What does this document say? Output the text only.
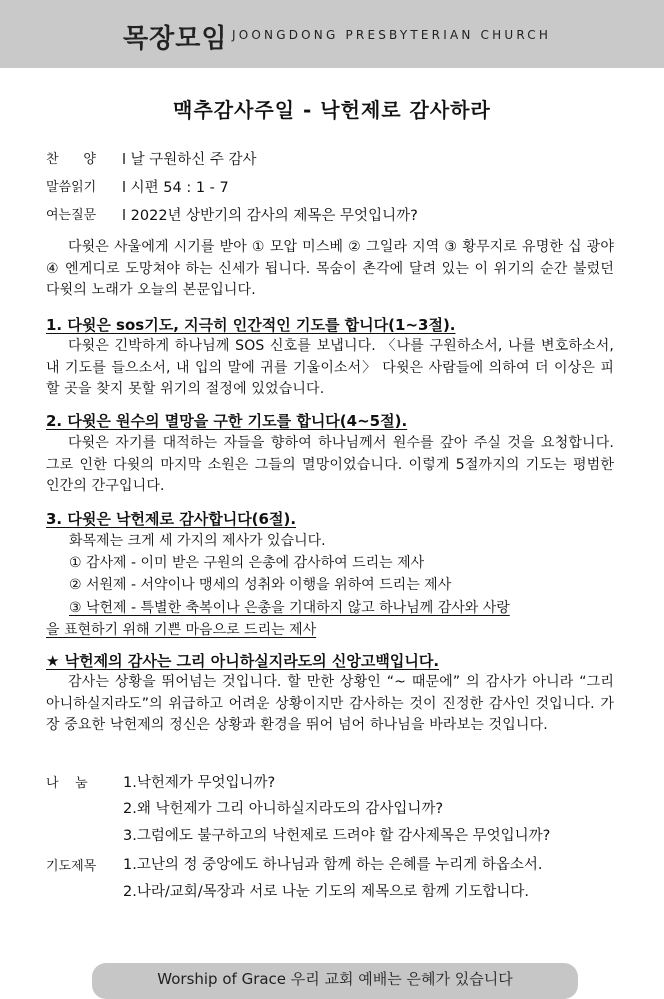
목장모임 JOONGDONG PRESBYTERIAN CHURCH
맥추감사주일 - 낙헌제로 감사하라
찬      양 l 날 구원하신 주 감사
말씀읽기 l 시편 54 : 1 - 7
여는질문 l 2022년 상반기의 감사의 제목은 무엇입니까?
다윗은 사울에게 시기를 받아 ① 모압 미스베 ② 그일라 지역 ③ 황무지로 유명한 십 광야 ④ 엔게디로 도망쳐야 하는 신세가 됩니다. 목숨이 촌각에 달려 있는 이 위기의 순간 불렀던 다윗의 노래가 오늘의 본문입니다.
1. 다윗은 sos기도, 지극히 인간적인 기도를 합니다(1~3절).
다윗은 긴박하게 하나님께 SOS 신호를 보냅니다. 〈나를 구원하소서, 나를 변호하소서, 내 기도를 들으소서, 내 입의 말에 귀를 기울이소서〉 다윗은 사람들에 의하여 더 이상은 피할 곳을 찾지 못할 위기의 절정에 있었습니다.
2. 다윗은 원수의 멸망을 구한 기도를 합니다(4~5절).
다윗은 자기를 대적하는 자들을 향하여 하나님께서 원수를 갚아 주실 것을 요청합니다. 그로 인한 다윗의 마지막 소원은 그들의 멸망이었습니다. 이렇게 5절까지의 기도는 평범한 인간의 간구입니다.
3. 다윗은 낙헌제로 감사합니다(6절).
화목제는 크게 세 가지의 제사가 있습니다.
① 감사제 - 이미 받은 구원의 은총에 감사하여 드리는 제사
② 서원제 - 서약이나 맹세의 성취와 이행을 위하여 드리는 제사
③ 낙헌제 - 특별한 축복이나 은총을 기대하지 않고 하나님께 감사와 사랑
을 표현하기 위해 기쁜 마음으로 드리는 제사
★ 낙헌제의 감사는 그리 아니하실지라도의 신앙고백입니다.
감사는 상황을 뛰어넘는 것입니다. 할 만한 상황인 “~ 때문에” 의 감사가 아니라 “그리 아니하실지라도”의 위급하고 어려운 상황이지만 감사하는 것이 진정한 감사인 것입니다. 가장 중요한 낙헌제의 정신은 상황과 환경을 뛰어 넘어 하나님을 바라보는 것입니다.
나    눔 1.낙헌제가 무엇입니까?
2.왜 낙헌제가 그리 아니하실지라도의 감사입니까?
3.그럼에도 불구하고의 낙헌제로 드려야 할 감사제목은 무엇입니까?
기도제목 1.고난의 정 중앙에도 하나님과 함께 하는 은혜를 누리게 하옵소서.
2.나라/교회/목장과 서로 나눈 기도의 제목으로 함께 기도합니다.
Worship of Grace 우리 교회 예배는 은혜가 있습니다
